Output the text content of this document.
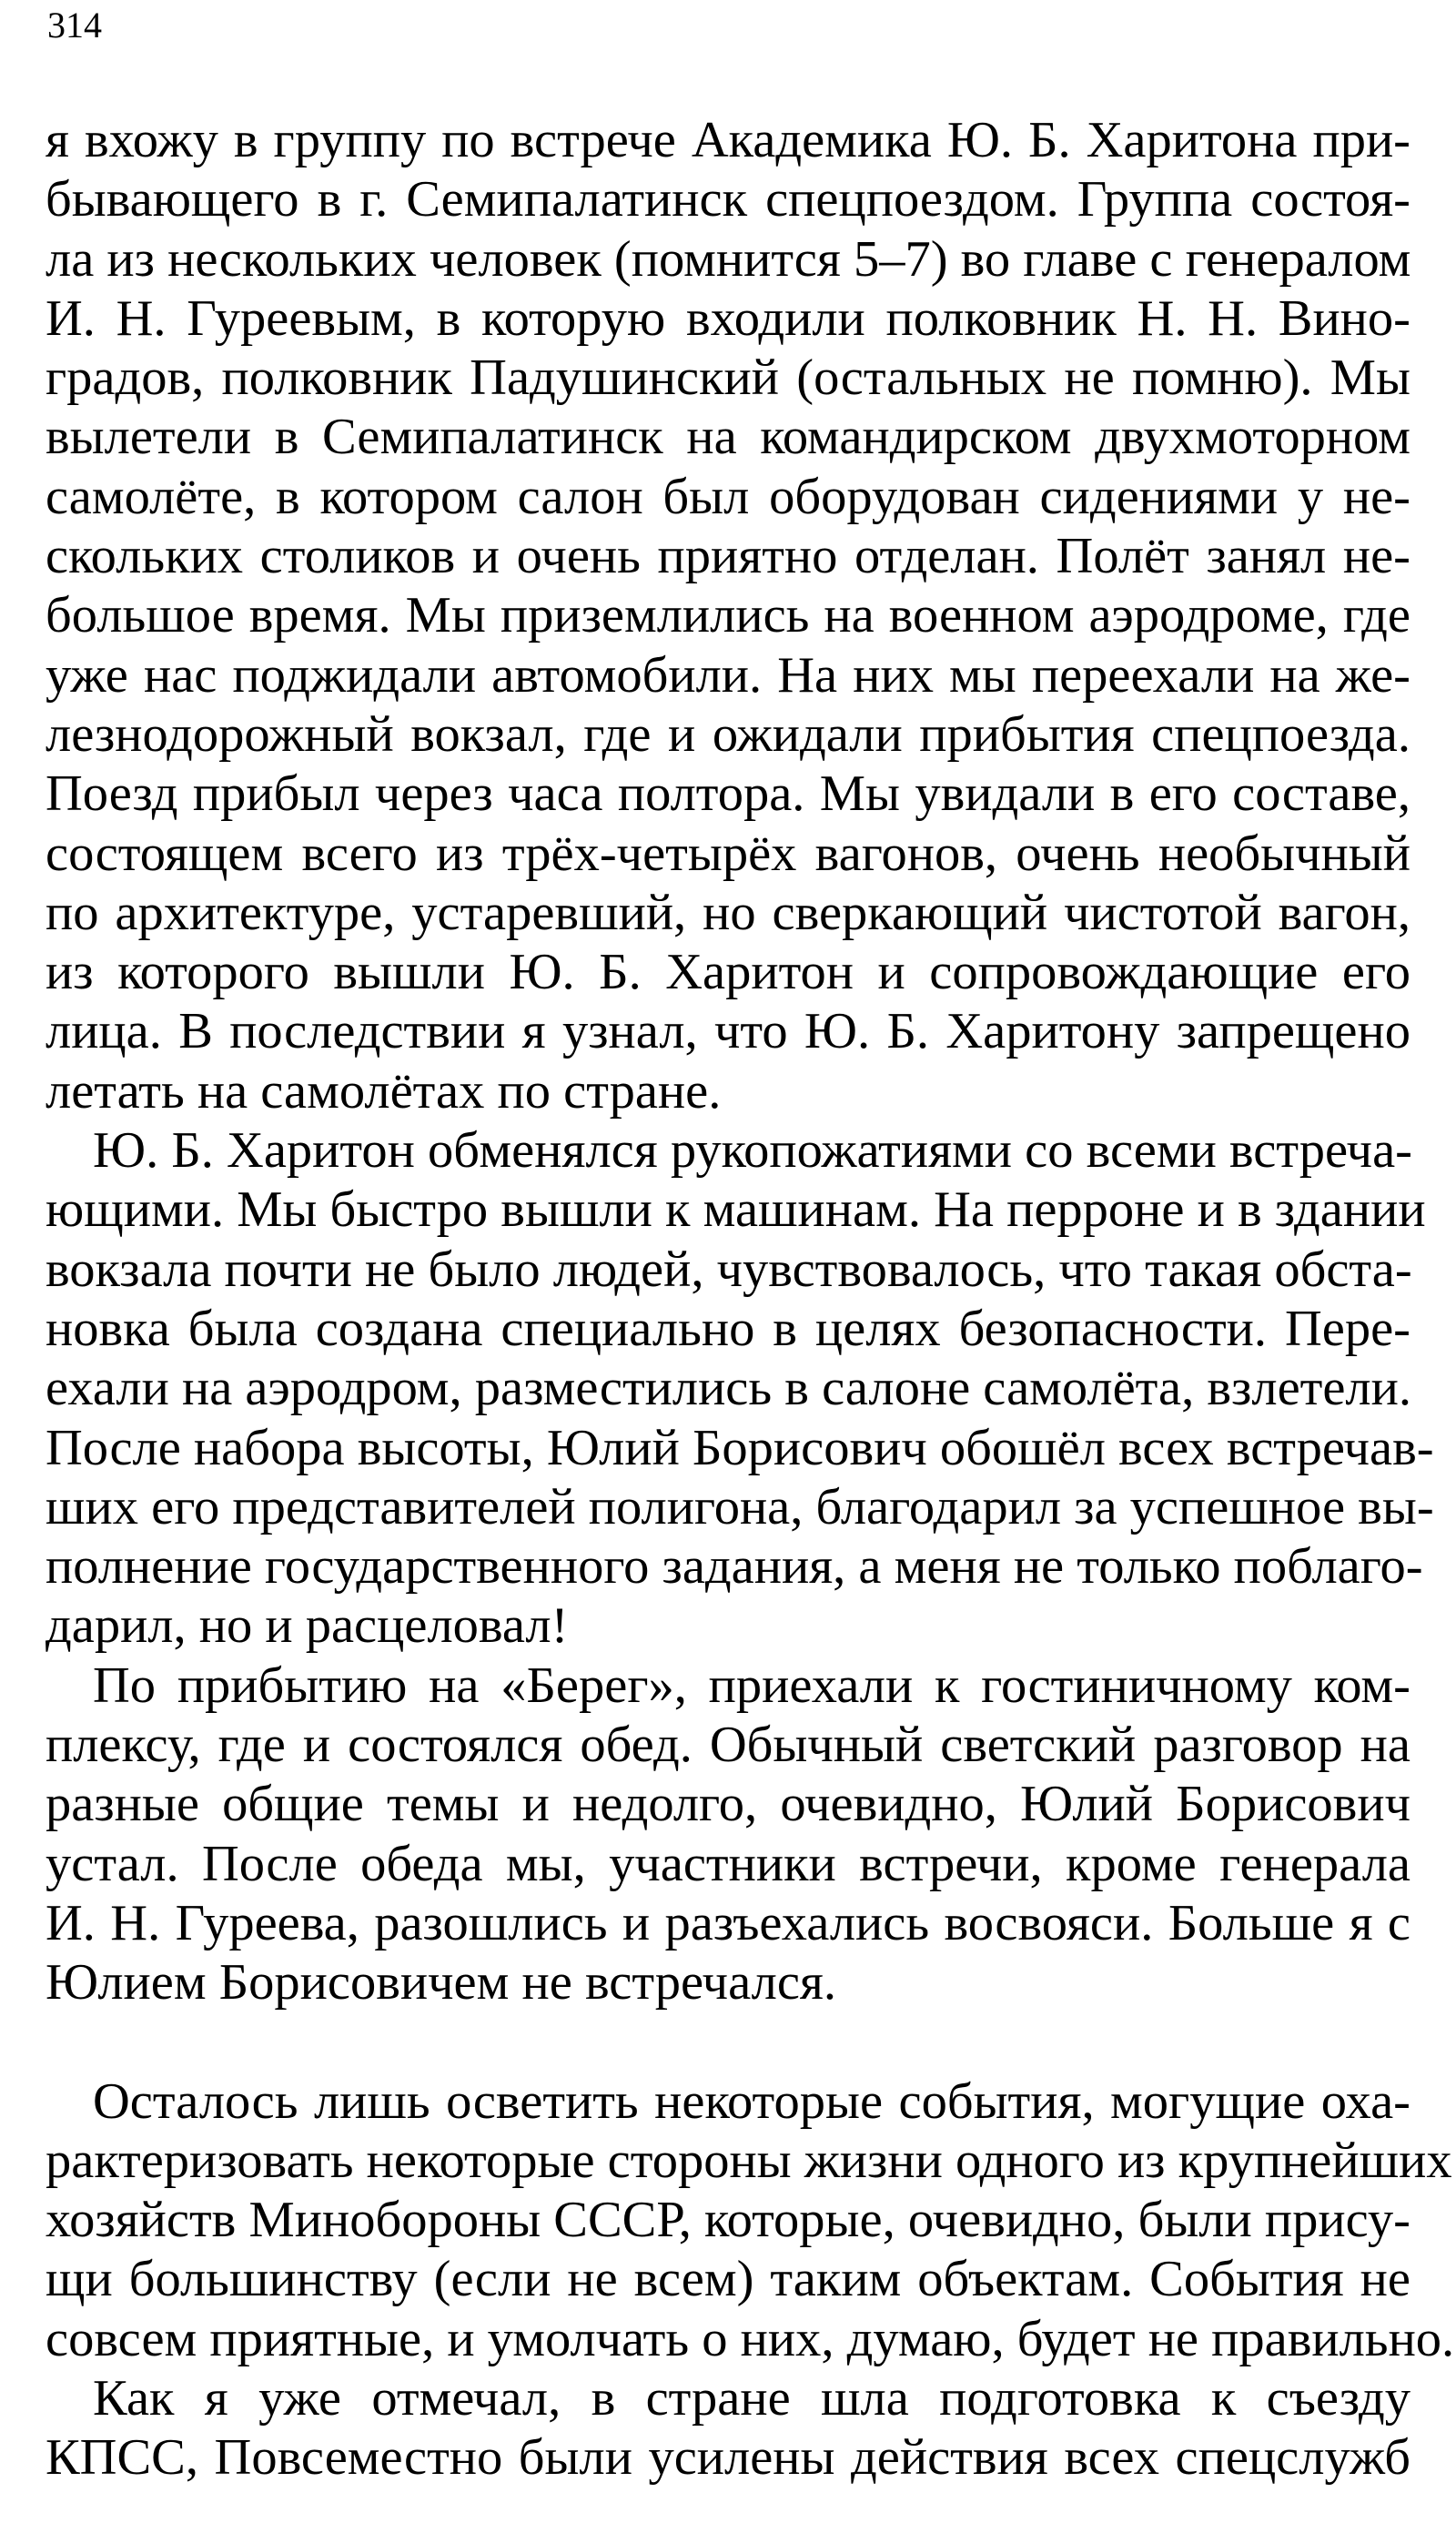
314

я вхожу в группу по встрече Академика Ю. Б. Харитона при-
бывающего в г. Семипалатинск спецпоездом. Группа состоя-
ла из нескольких человек (помнится 5–7) во главе с генералом
И. Н. Гуреевым, в которую входили полковник Н. Н. Вино-
градов, полковник Падушинский (остальных не помню). Мы
вылетели в Семипалатинск на командирском двухмоторном
самолёте, в котором салон был оборудован сидениями у не-
скольких столиков и очень приятно отделан. Полёт занял не-
большое время. Мы приземлились на военном аэродроме, где
уже нас поджидали автомобили. На них мы переехали на же-
лезнодорожный вокзал, где и ожидали прибытия спецпоезда.
Поезд прибыл через часа полтора. Мы увидали в его составе,
состоящем всего из трёх-четырёх вагонов, очень необычный
по архитектуре, устаревший, но сверкающий чистотой вагон,
из которого вышли Ю. Б. Харитон и сопровождающие его
лица. В последствии я узнал, что Ю. Б. Харитону запрещено
летать на самолётах по стране.

Ю. Б. Харитон обменялся рукопожатиями со всеми встреча-
ющими. Мы быстро вышли к машинам. На перроне и в здании
вокзала почти не было людей, чувствовалось, что такая обста-
новка была создана специально в целях безопасности. Пере-
ехали на аэродром, разместились в салоне самолёта, взлетели.
После набора высоты, Юлий Борисович обошёл всех встречав-
ших его представителей полигона, благодарил за успешное вы-
полнение государственного задания, а меня не только поблаго-
дарил, но и расцеловал!

По прибытию на «Берег», приехали к гостиничному ком-
плексу, где и состоялся обед. Обычный светский разговор на
разные общие темы и недолго, очевидно, Юлий Борисович
устал. После обеда мы, участники встречи, кроме генерала
И. Н. Гуреева, разошлись и разъехались восвояси. Больше я с
Юлием Борисовичем не встречался.

Осталось лишь осветить некоторые события, могущие оха-
рактеризовать некоторые стороны жизни одного из крупнейших
хозяйств Минобороны СССР, которые, очевидно, были прису-
щи большинству (если не всем) таким объектам. События не
совсем приятные, и умолчать о них, думаю, будет не правильно.

Как я уже отмечал, в стране шла подготовка к съезду
КПСС, Повсеместно были усилены действия всех спецслужб
